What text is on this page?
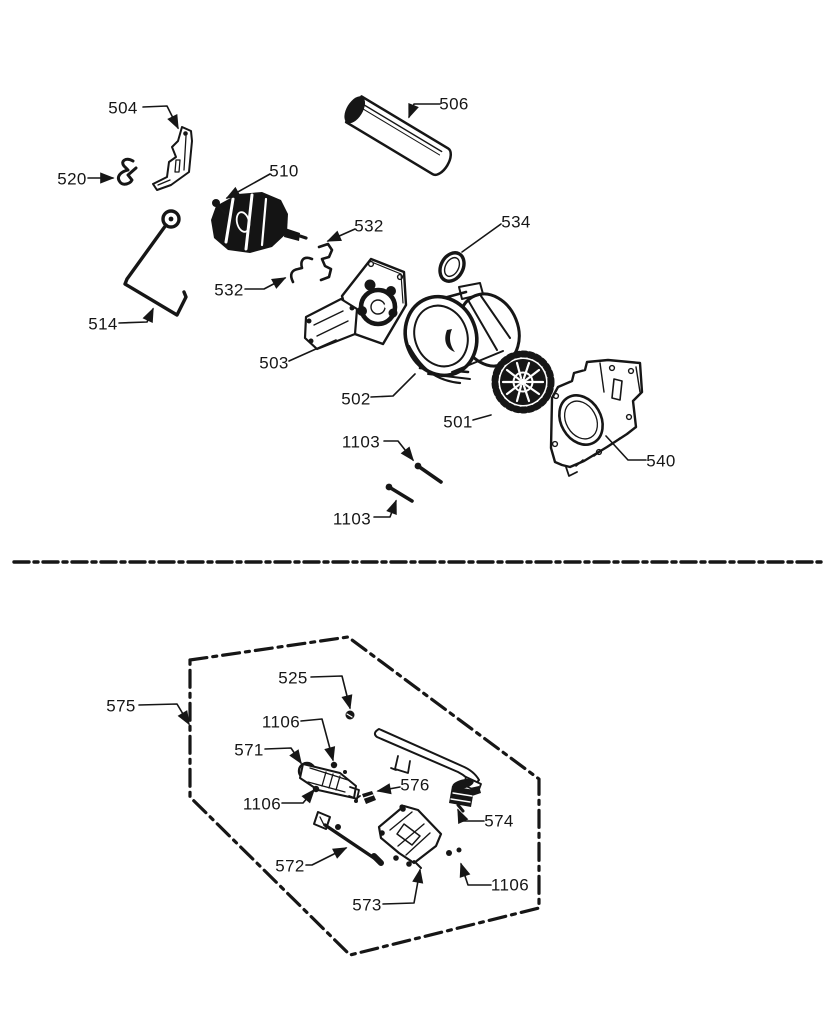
504	506
520	510
532	534
532
514
503
502
501
540
1103
1103
575
525
1106
571
1106
576
574
572
573
1106
